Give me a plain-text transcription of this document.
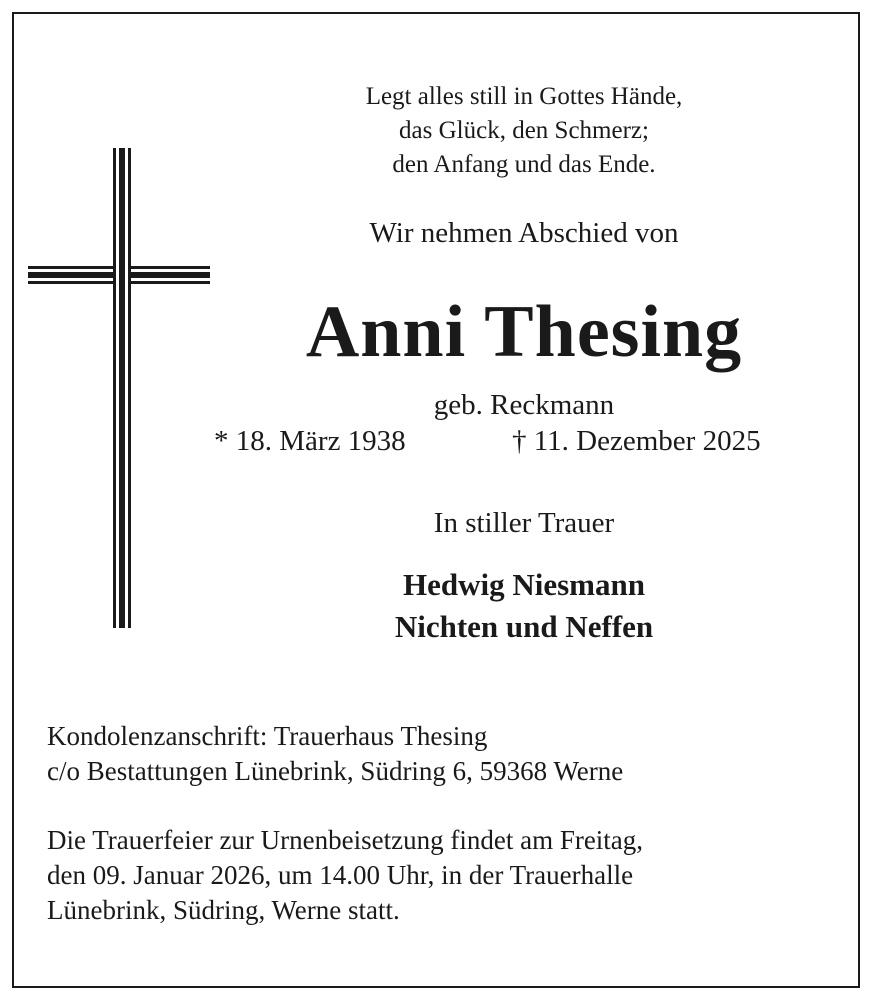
Legt alles still in Gottes Hände,
das Glück, den Schmerz;
den Anfang und das Ende.
Wir nehmen Abschied von
Anni Thesing
geb. Reckmann
* 18. März 1938	† 11. Dezember 2025
In stiller Trauer
Hedwig Niesmann
Nichten und Neffen
Kondolenzanschrift: Trauerhaus Thesing
c/o Bestattungen Lünebrink, Südring 6, 59368 Werne
Die Trauerfeier zur Urnenbeisetzung findet am Freitag,
den 09. Januar 2026, um 14.00 Uhr, in der Trauerhalle
Lünebrink, Südring, Werne statt.
